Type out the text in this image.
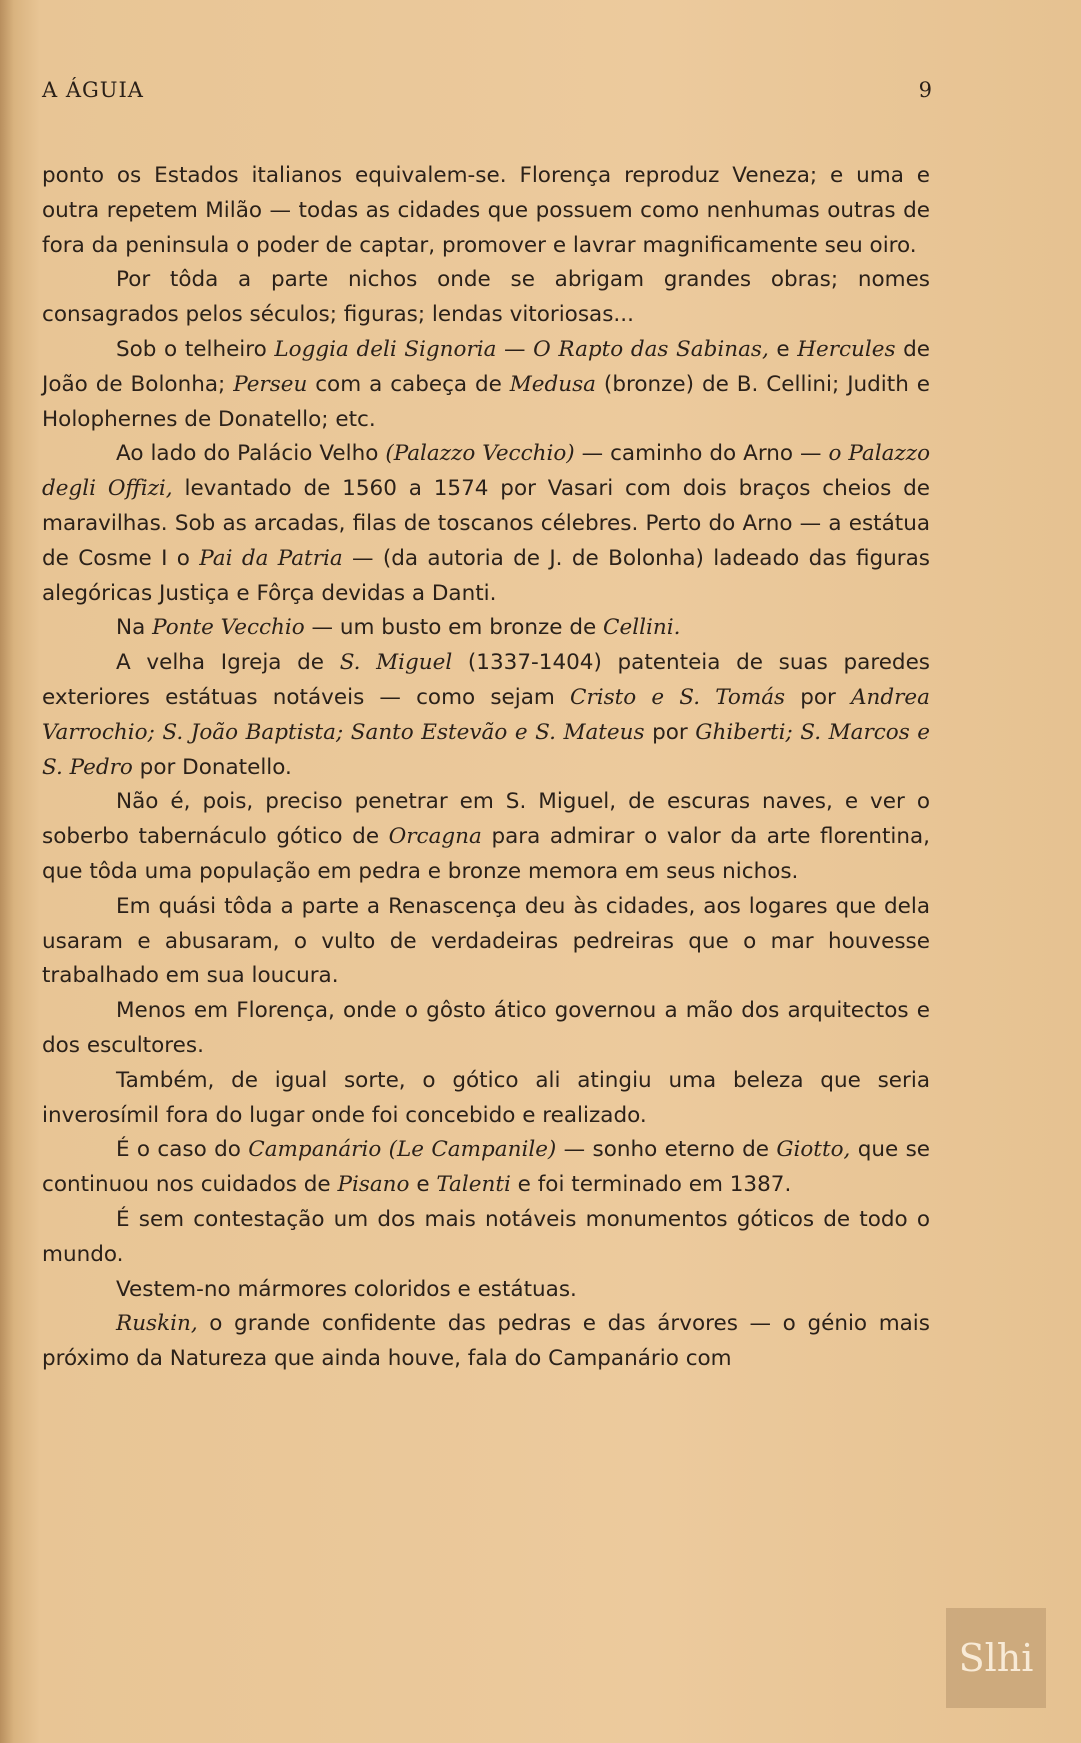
A ÁGUIA	9

ponto os Estados italianos equivalem-se. Florença reproduz Veneza; e uma e outra repetem Milão — todas as cidades que possuem como nenhumas outras de fora da peninsula o poder de captar, promover e lavrar magnificamente seu oiro.

Por tôda a parte nichos onde se abrigam grandes obras; nomes consagrados pelos séculos; figuras; lendas vitoriosas...

Sob o telheiro Loggia deli Signoria — O Rapto das Sabinas, e Hercules de João de Bolonha; Perseu com a cabeça de Medusa (bronze) de B. Cellini; Judith e Holophernes de Donatello; etc.

Ao lado do Palácio Velho (Palazzo Vecchio) — caminho do Arno — o Palazzo degli Offizi, levantado de 1560 a 1574 por Vasari com dois braços cheios de maravilhas. Sob as arcadas, filas de toscanos célebres. Perto do Arno — a estátua de Cosme I o Pai da Patria — (da autoria de J. de Bolonha) ladeado das figuras alegóricas Justiça e Fôrça devidas a Danti.

Na Ponte Vecchio — um busto em bronze de Cellini.

A velha Igreja de S. Miguel (1337-1404) patenteia de suas paredes exteriores estátuas notáveis — como sejam Cristo e S. Tomás por Andrea Varrochio; S. João Baptista; Santo Estevão e S. Mateus por Ghiberti; S. Marcos e S. Pedro por Donatello.

Não é, pois, preciso penetrar em S. Miguel, de escuras naves, e ver o soberbo tabernáculo gótico de Orcagna para admirar o valor da arte florentina, que tôda uma população em pedra e bronze memora em seus nichos.

Em quási tôda a parte a Renascença deu às cidades, aos logares que dela usaram e abusaram, o vulto de verdadeiras pedreiras que o mar houvesse trabalhado em sua loucura.

Menos em Florença, onde o gôsto ático governou a mão dos arquitectos e dos escultores.

Também, de igual sorte, o gótico ali atingiu uma beleza que seria inverosímil fora do lugar onde foi concebido e realizado.

É o caso do Campanário (Le Campanile) — sonho eterno de Giotto, que se continuou nos cuidados de Pisano e Talenti e foi terminado em 1387.

É sem contestação um dos mais notáveis monumentos góticos de todo o mundo.

Vestem-no mármores coloridos e estátuas.

Ruskin, o grande confidente das pedras e das árvores — o génio mais próximo da Natureza que ainda houve, fala do Campanário com

Slhi
